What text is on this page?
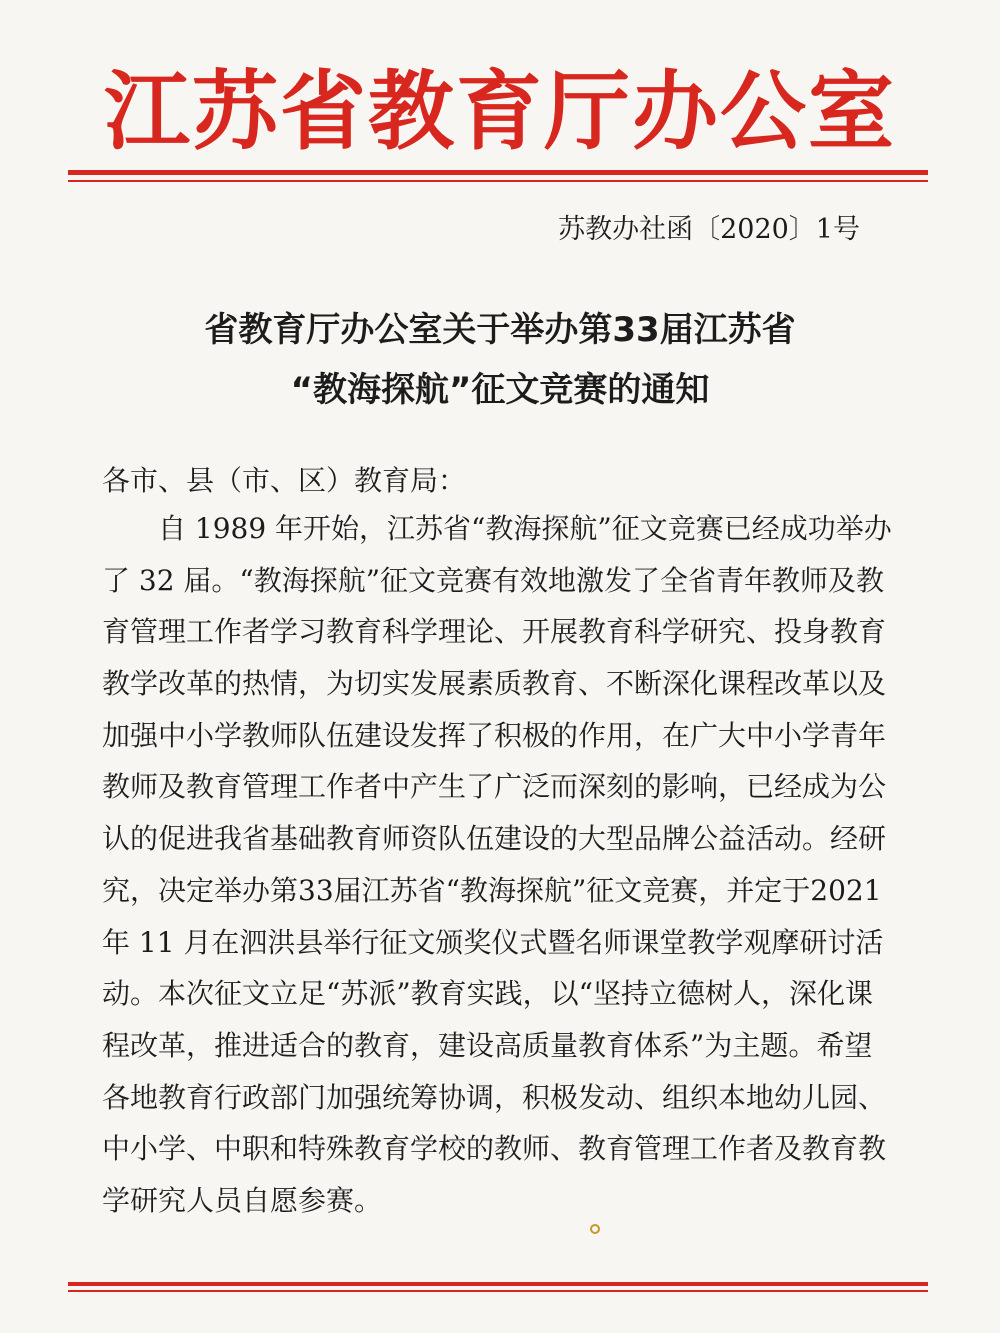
江苏省教育厅办公室
苏教办社函〔2020〕1号
省教育厅办公室关于举办第33届江苏省
“教海探航”征文竞赛的通知
各市、县（市、区）教育局：
自 1989 年开始，江苏省“教海探航”征文竞赛已经成功举办
了 32 届。“教海探航”征文竞赛有效地激发了全省青年教师及教
育管理工作者学习教育科学理论、开展教育科学研究、投身教育
教学改革的热情，为切实发展素质教育、不断深化课程改革以及
加强中小学教师队伍建设发挥了积极的作用，在广大中小学青年
教师及教育管理工作者中产生了广泛而深刻的影响，已经成为公
认的促进我省基础教育师资队伍建设的大型品牌公益活动。经研
究，决定举办第33届江苏省“教海探航”征文竞赛，并定于2021
年 11 月在泗洪县举行征文颁奖仪式暨名师课堂教学观摩研讨活
动。本次征文立足“苏派”教育实践，以“坚持立德树人，深化课
程改革，推进适合的教育，建设高质量教育体系”为主题。希望
各地教育行政部门加强统筹协调，积极发动、组织本地幼儿园、
中小学、中职和特殊教育学校的教师、教育管理工作者及教育教
学研究人员自愿参赛。
